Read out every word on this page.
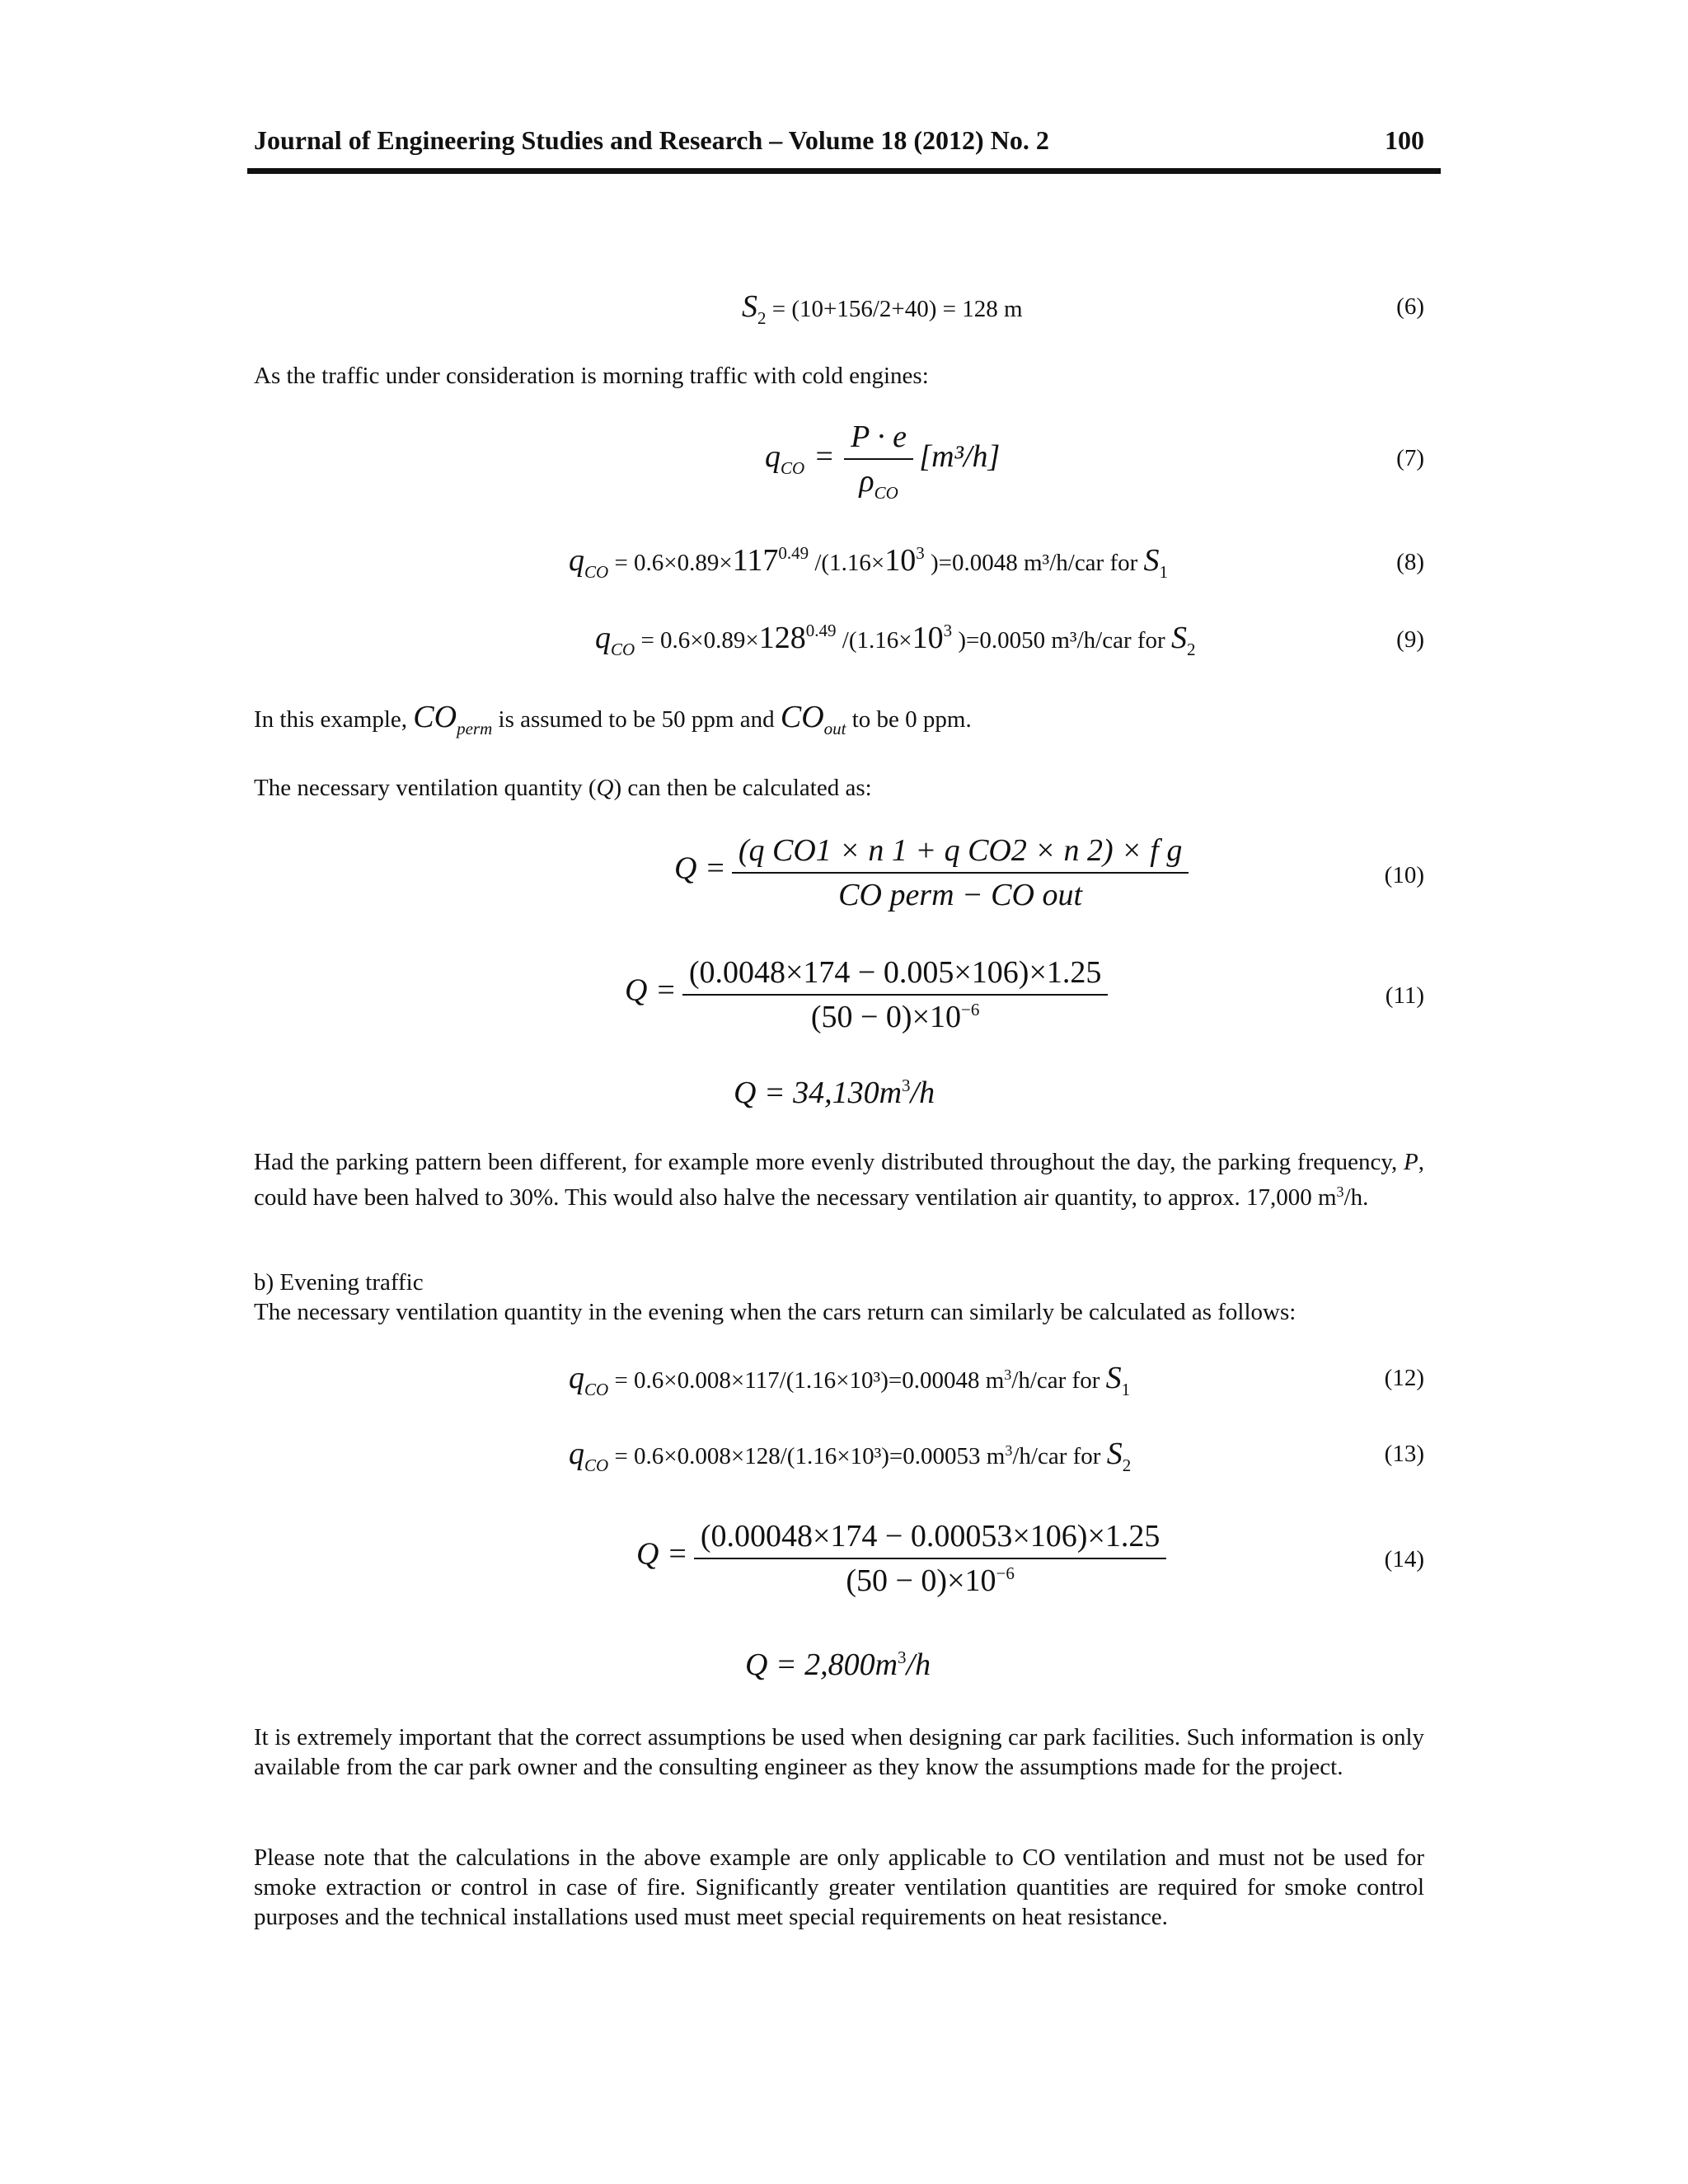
Journal of Engineering Studies and Research – Volume 18 (2012) No. 2	100
$S_2 = (10+156/2+40) = 128$ m	(6)
As the traffic under consideration is morning traffic with cold engines:
$q_{CO} = \frac{P \cdot e}{\rho_{CO}} [m^3/h]$	(7)
$q_{CO} = 0.6\times 0.89\times 117^{0.49}$ $/(1.16\times 10^3$ )=0.0048 m³/h/car for $S_1$	(8)
$q_{CO} = 0.6\times 0.89\times 128^{0.49}$ $/(1.16\times 10^3$ )=0.0050 m³/h/car for $S_2$	(9)
In this example, $CO_{perm}$ is assumed to be 50 ppm and $CO_{out}$ to be 0 ppm.
The necessary ventilation quantity (Q) can then be calculated as:
$Q = \frac{\text{(q CO1 × n 1 + q CO2 × n 2) × f g}}{\text{CO perm − CO out}}$	(10)
$Q = \frac{(0.0048\times 174 - 0.005\times 106)\times 1.25}{(50 - 0)\times 10^{-6}}$	(11)
$Q = 34,130m^3/h$
Had the parking pattern been different, for example more evenly distributed throughout the day, the parking frequency, P, could have been halved to 30%. This would also halve the necessary ventilation air quantity, to approx. 17,000 $m^3/h$.
b) Evening traffic
The necessary ventilation quantity in the evening when the cars return can similarly be calculated as follows:
$q_{CO} = 0.6\times 0.008\times 117/(1.16\times 10^3)=0.00048$ $m^3/h$/car for $S_1$	(12)
$q_{CO} = 0.6\times 0.008\times 128/(1.16\times 10^3)=0.00053$ $m^3/h$/car for $S_2$	(13)
$Q = \frac{(0.00048\times 174 - 0.00053\times 106)\times 1.25}{(50 - 0)\times 10^{-6}}$	(14)
$Q = 2,800m^3/h$
It is extremely important that the correct assumptions be used when designing car park facilities. Such information is only available from the car park owner and the consulting engineer as they know the assumptions made for the project.
Please note that the calculations in the above example are only applicable to CO ventilation and must not be used for smoke extraction or control in case of fire. Significantly greater ventilation quantities are required for smoke control purposes and the technical installations used must meet special requirements on heat resistance.
